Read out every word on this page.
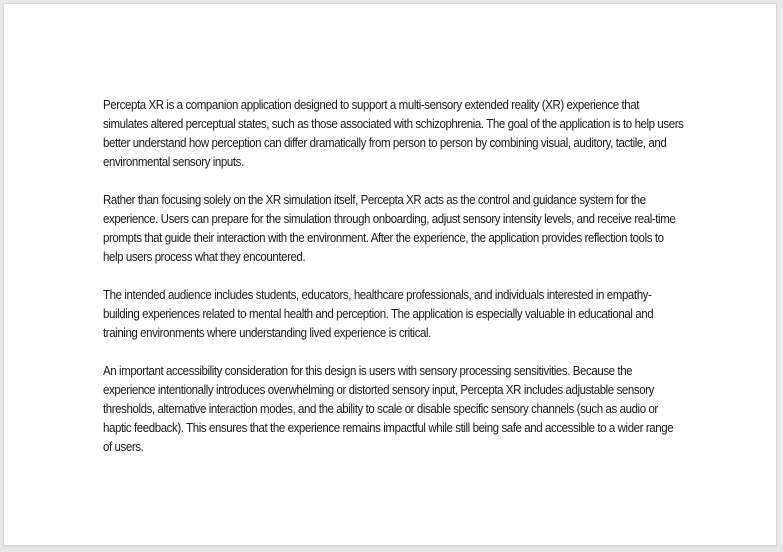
Percepta XR is a companion application designed to support a multi-sensory extended reality (XR) experience that simulates altered perceptual states, such as those associated with schizophrenia. The goal of the application is to help users better understand how perception can differ dramatically from person to person by combining visual, auditory, tactile, and environmental sensory inputs.

Rather than focusing solely on the XR simulation itself, Percepta XR acts as the control and guidance system for the experience. Users can prepare for the simulation through onboarding, adjust sensory intensity levels, and receive real-time prompts that guide their interaction with the environment. After the experience, the application provides reflection tools to help users process what they encountered.

The intended audience includes students, educators, healthcare professionals, and individuals interested in empathy-building experiences related to mental health and perception. The application is especially valuable in educational and training environments where understanding lived experience is critical.

An important accessibility consideration for this design is users with sensory processing sensitivities. Because the experience intentionally introduces overwhelming or distorted sensory input, Percepta XR includes adjustable sensory thresholds, alternative interaction modes, and the ability to scale or disable specific sensory channels (such as audio or haptic feedback). This ensures that the experience remains impactful while still being safe and accessible to a wider range of users.
